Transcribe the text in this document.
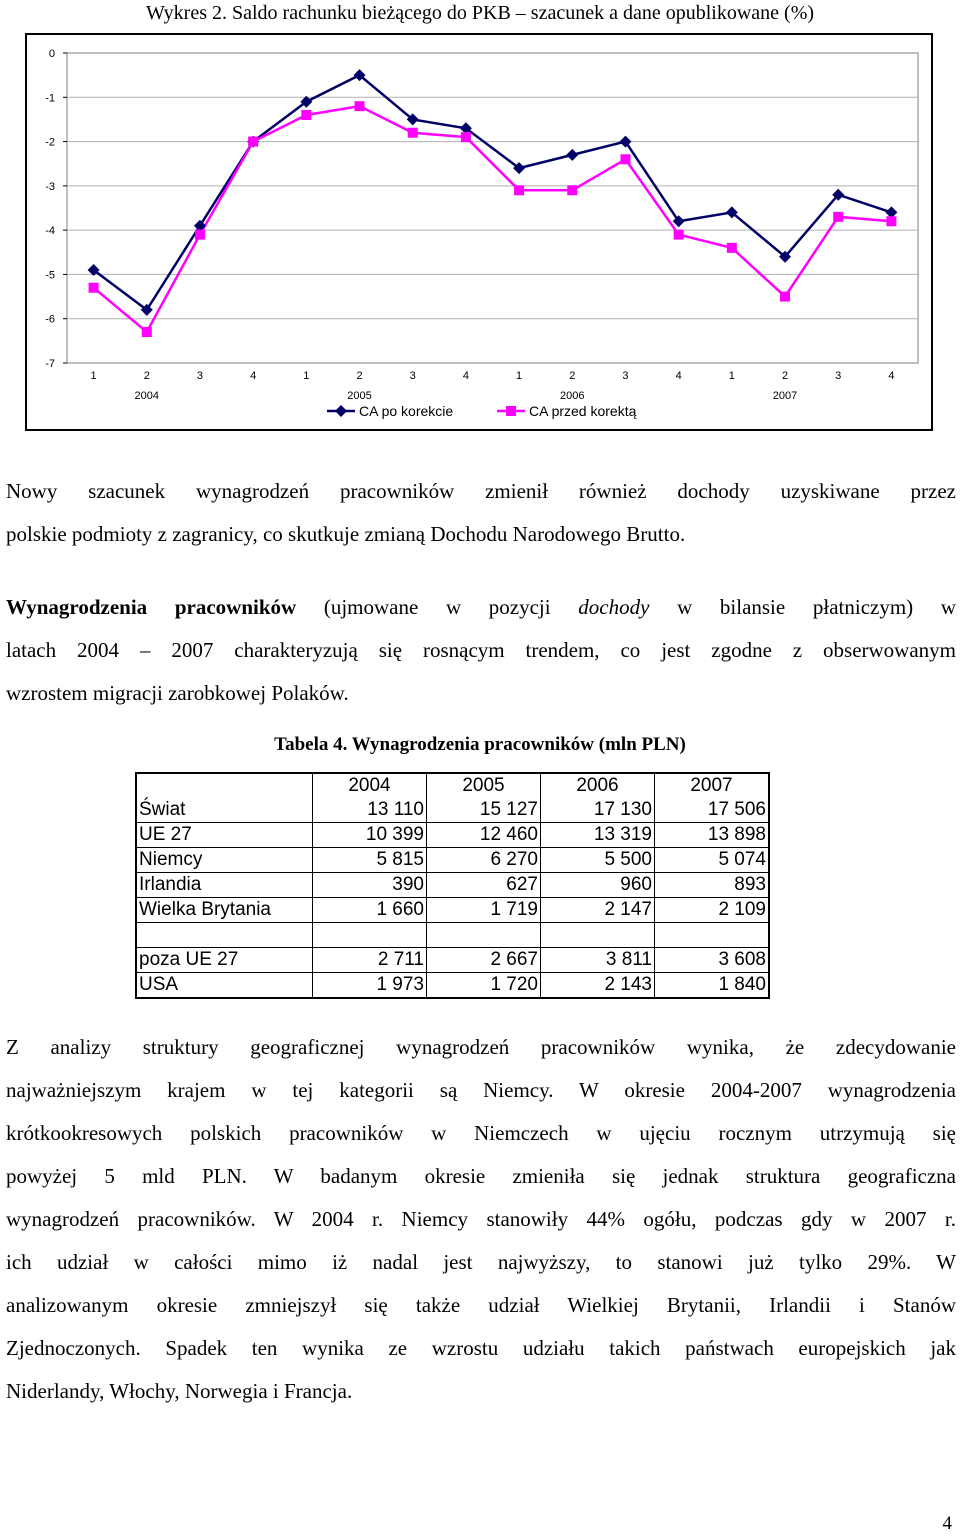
Wykres 2. Saldo rachunku bieżącego do PKB – szacunek a dane opublikowane (%)
0
-1
-2
-3
-4
-5
-6
-7
1	2	3	4	1	2	3	4	1	2	3	4	1	2	3	4
2004	2005	2006	2007
CA po korekcie	CA przed korektą
Nowy szacunek wynagrodzeń pracowników zmienił również dochody uzyskiwane przez
polskie podmioty z zagranicy, co skutkuje zmianą Dochodu Narodowego Brutto.
Wynagrodzenia pracowników (ujmowane w pozycji dochody w bilansie płatniczym) w
latach 2004 – 2007 charakteryzują się rosnącym trendem, co jest zgodne z obserwowanym
wzrostem migracji zarobkowej Polaków.
Tabela 4. Wynagrodzenia pracowników (mln PLN)
	2004	2005	2006	2007
Świat	13 110	15 127	17 130	17 506
UE 27	10 399	12 460	13 319	13 898
Niemcy	5 815	6 270	5 500	5 074
Irlandia	390	627	960	893
Wielka Brytania	1 660	1 719	2 147	2 109

poza UE 27	2 711	2 667	3 811	3 608
USA	1 973	1 720	2 143	1 840
Z analizy struktury geograficznej wynagrodzeń pracowników wynika, że zdecydowanie
najważniejszym krajem w tej kategorii są Niemcy. W okresie 2004-2007 wynagrodzenia
krótkookresowych polskich pracowników w Niemczech w ujęciu rocznym utrzymują się
powyżej 5 mld PLN. W badanym okresie zmieniła się jednak struktura geograficzna
wynagrodzeń pracowników. W 2004 r. Niemcy stanowiły 44% ogółu, podczas gdy w 2007 r.
ich udział w całości mimo iż nadal jest najwyższy, to stanowi już tylko 29%. W
analizowanym okresie zmniejszył się także udział Wielkiej Brytanii, Irlandii i Stanów
Zjednoczonych. Spadek ten wynika ze wzrostu udziału takich państwach europejskich jak
Niderlandy, Włochy, Norwegia i Francja.
4
